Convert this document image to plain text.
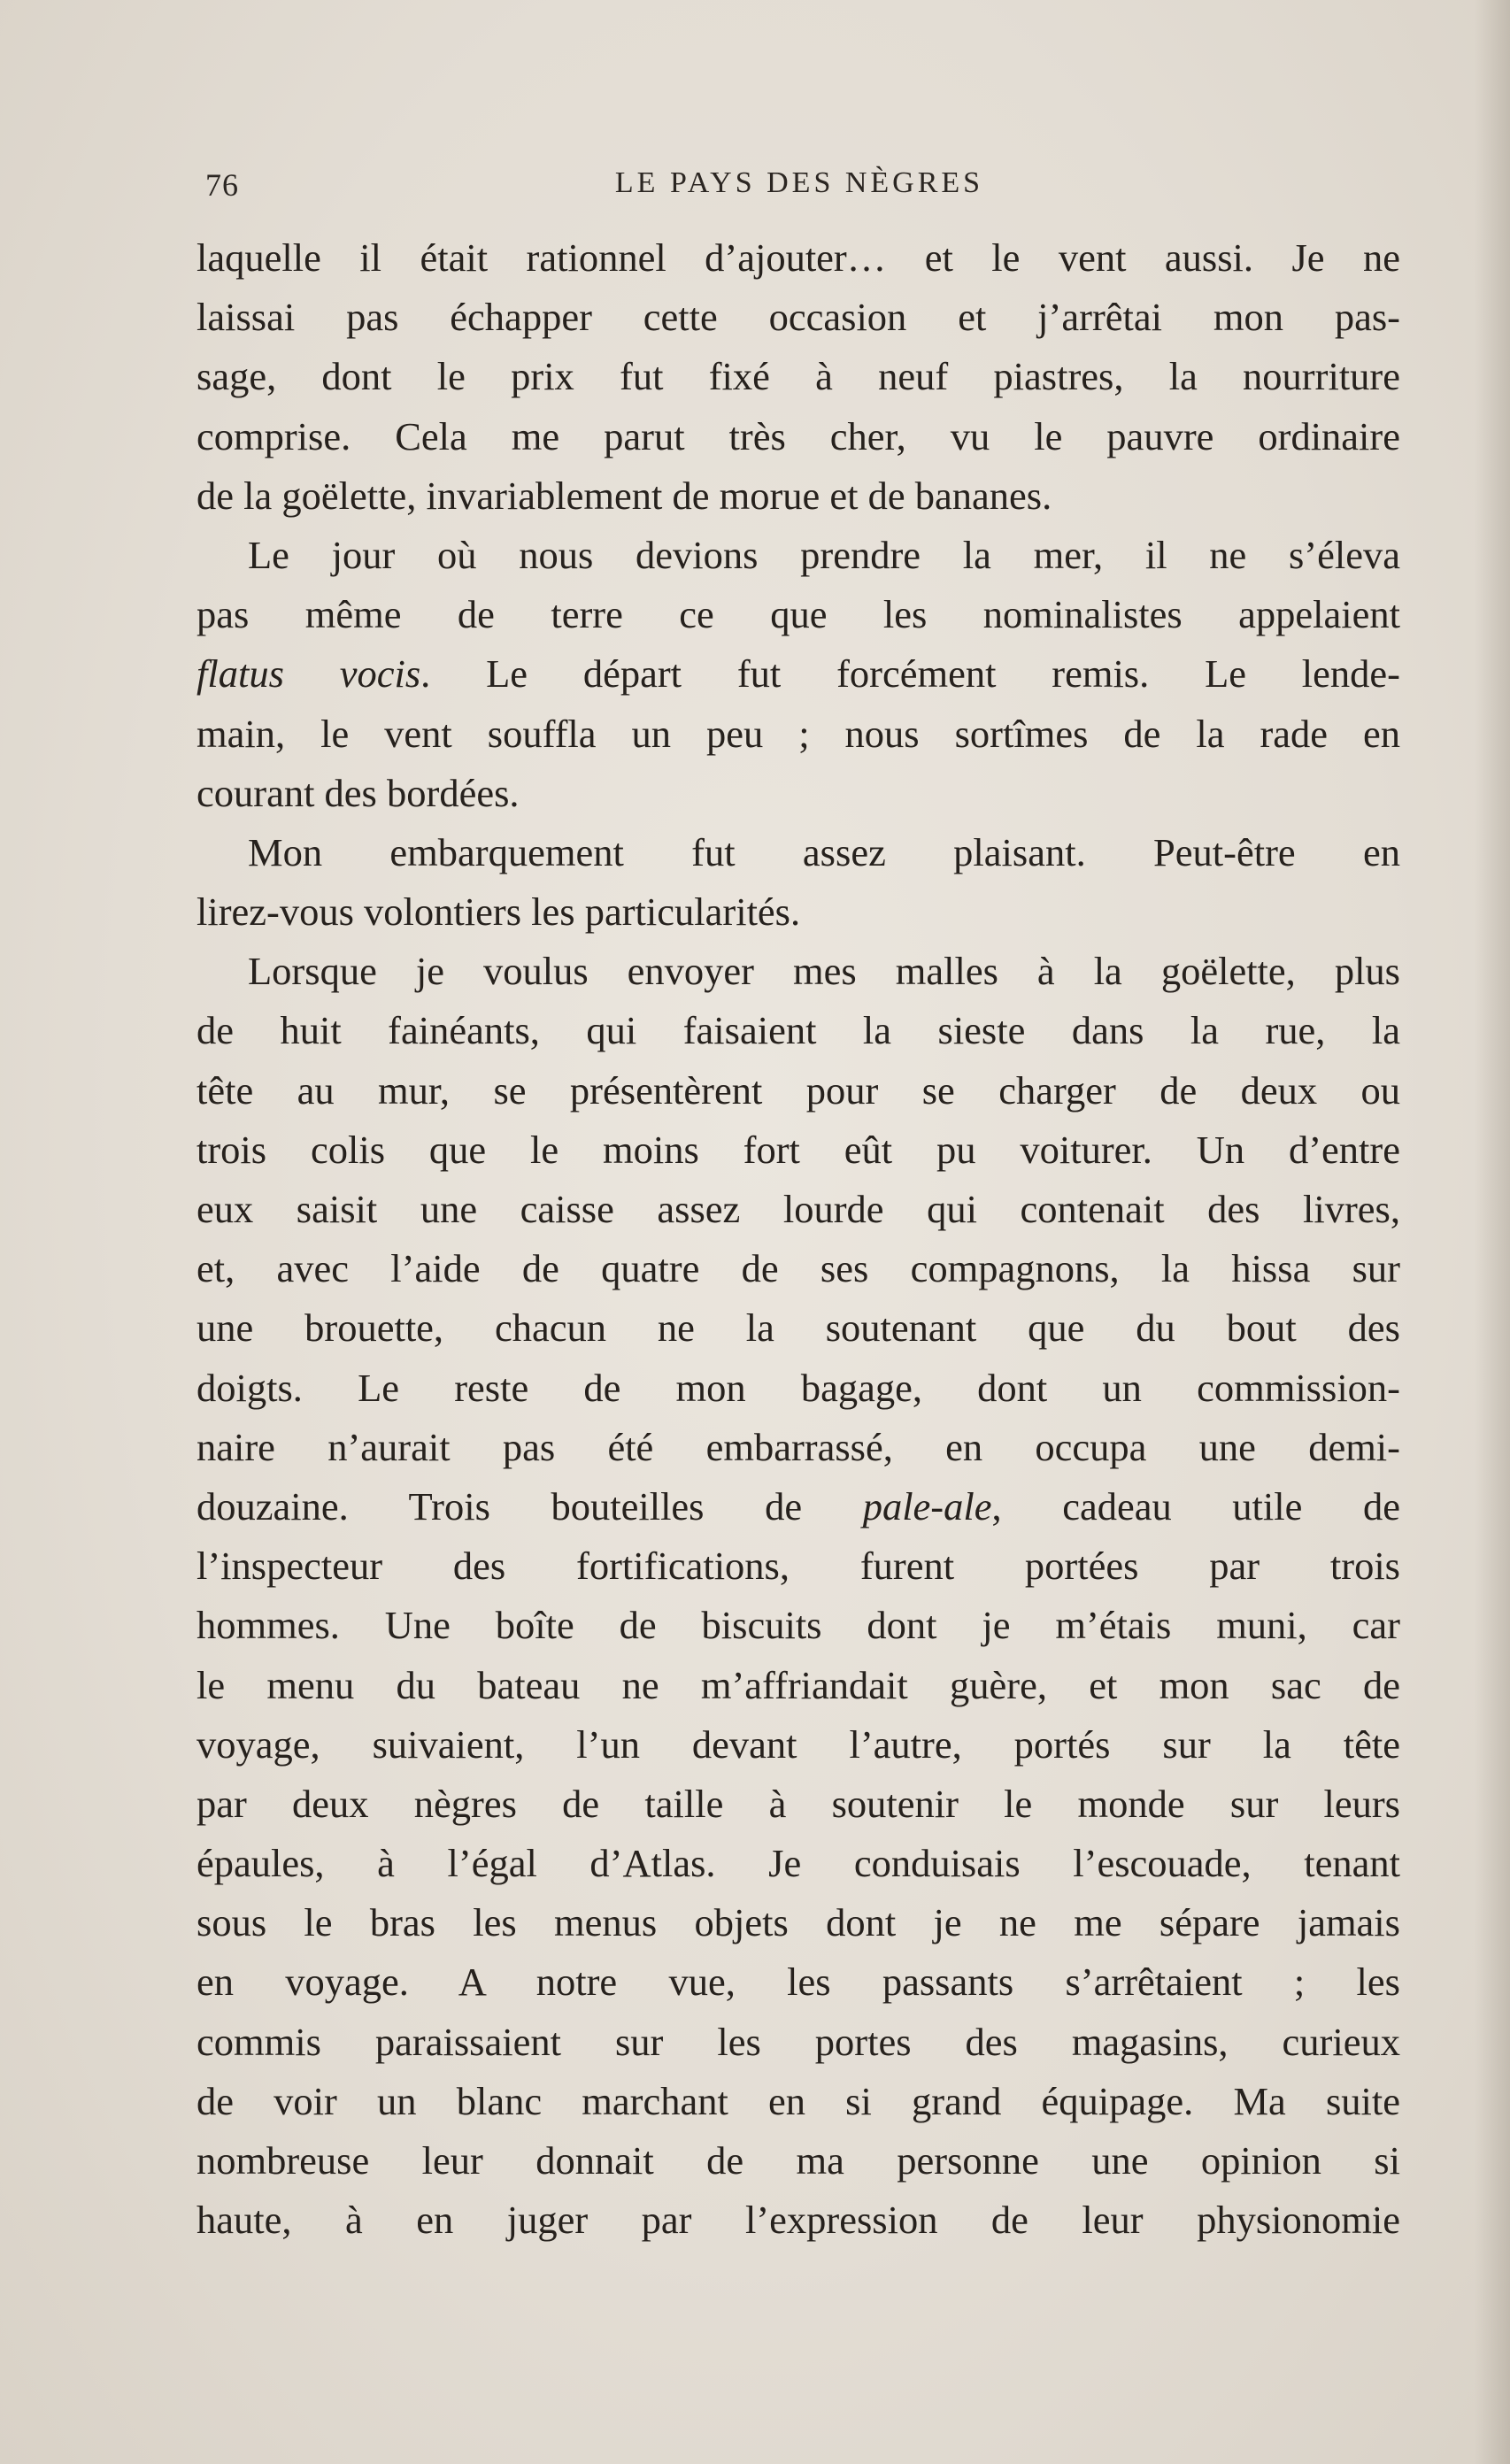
76	LE PAYS DES NÈGRES
laquelle il était rationnel d’ajouter… et le vent aussi. Je ne
laissai pas échapper cette occasion et j’arrêtai mon pas-
sage, dont le prix fut fixé à neuf piastres, la nourriture
comprise. Cela me parut très cher, vu le pauvre ordinaire
de la goëlette, invariablement de morue et de bananes.
Le jour où nous devions prendre la mer, il ne s’éleva
pas même de terre ce que les nominalistes appelaient
flatus vocis. Le départ fut forcément remis. Le lende-
main, le vent souffla un peu ; nous sortîmes de la rade en
courant des bordées.
Mon embarquement fut assez plaisant. Peut-être en
lirez-vous volontiers les particularités.
Lorsque je voulus envoyer mes malles à la goëlette, plus
de huit fainéants, qui faisaient la sieste dans la rue, la
tête au mur, se présentèrent pour se charger de deux ou
trois colis que le moins fort eût pu voiturer. Un d’entre
eux saisit une caisse assez lourde qui contenait des livres,
et, avec l’aide de quatre de ses compagnons, la hissa sur
une brouette, chacun ne la soutenant que du bout des
doigts. Le reste de mon bagage, dont un commission-
naire n’aurait pas été embarrassé, en occupa une demi-
douzaine. Trois bouteilles de pale-ale, cadeau utile de
l’inspecteur des fortifications, furent portées par trois
hommes. Une boîte de biscuits dont je m’étais muni, car
le menu du bateau ne m’affriandait guère, et mon sac de
voyage, suivaient, l’un devant l’autre, portés sur la tête
par deux nègres de taille à soutenir le monde sur leurs
épaules, à l’égal d’Atlas. Je conduisais l’escouade, tenant
sous le bras les menus objets dont je ne me sépare jamais
en voyage. A notre vue, les passants s’arrêtaient ; les
commis paraissaient sur les portes des magasins, curieux
de voir un blanc marchant en si grand équipage. Ma suite
nombreuse leur donnait de ma personne une opinion si
haute, à en juger par l’expression de leur physionomie
